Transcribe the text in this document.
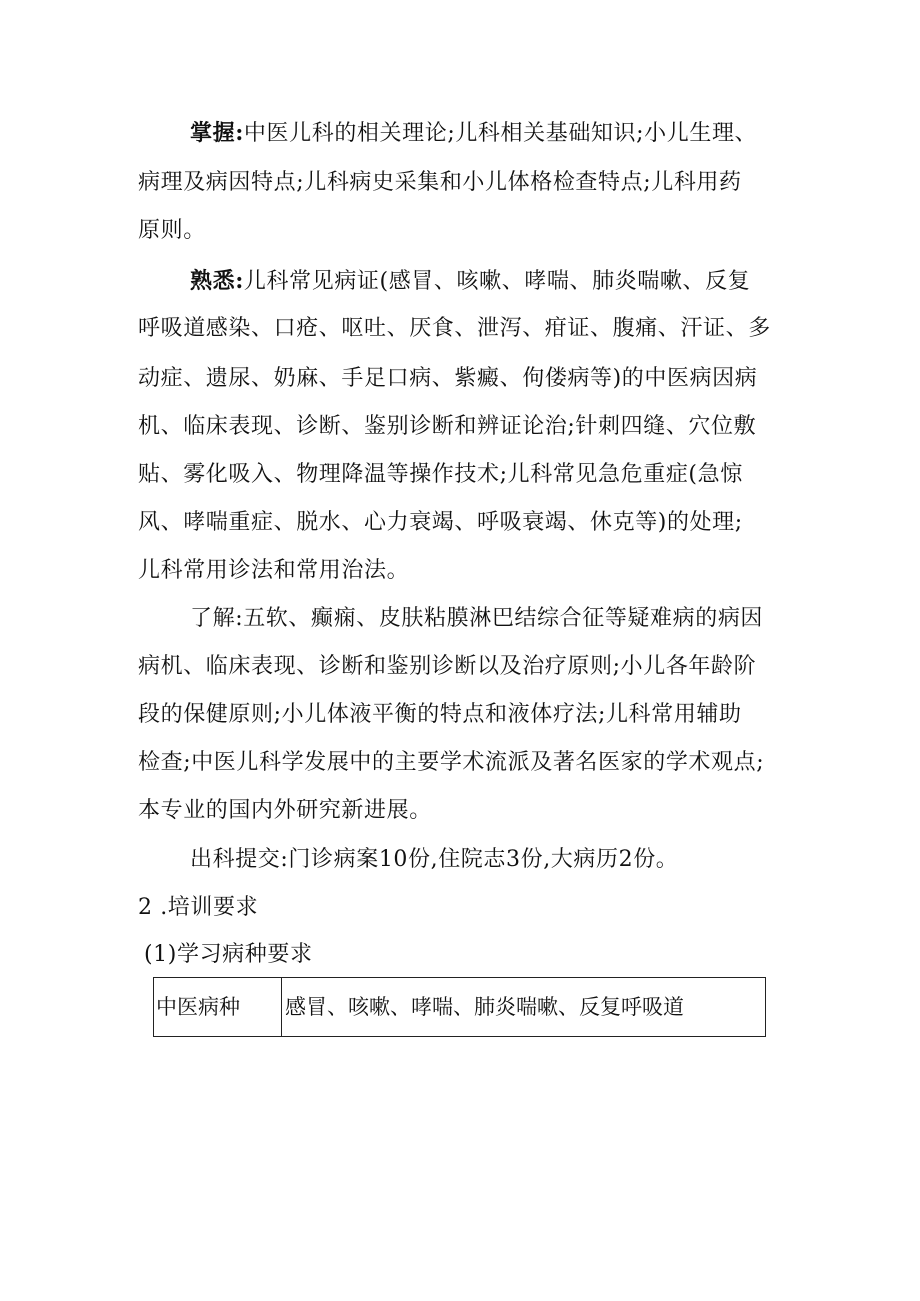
掌握:中医儿科的相关理论;儿科相关基础知识;小儿生理、
病理及病因特点;儿科病史采集和小儿体格检查特点;儿科用药
原则。
熟悉:儿科常见病证(感冒、咳嗽、哮喘、肺炎喘嗽、反复
呼吸道感染、口疮、呕吐、厌食、泄泻、疳证、腹痛、汗证、多
动症、遗尿、奶麻、手足口病、紫癜、佝偻病等)的中医病因病
机、临床表现、诊断、鉴别诊断和辨证论治;针刺四缝、穴位敷
贴、雾化吸入、物理降温等操作技术;儿科常见急危重症(急惊
风、哮喘重症、脱水、心力衰竭、呼吸衰竭、休克等)的处理;
儿科常用诊法和常用治法。
了解:五软、癫痫、皮肤粘膜淋巴结综合征等疑难病的病因
病机、临床表现、诊断和鉴别诊断以及治疗原则;小儿各年龄阶
段的保健原则;小儿体液平衡的特点和液体疗法;儿科常用辅助
检查;中医儿科学发展中的主要学术流派及著名医家的学术观点;
本专业的国内外研究新进展。
出科提交:门诊病案10份,住院志3份,大病历2份。
2 .培训要求
(1)学习病种要求
中医病种	感冒、咳嗽、哮喘、肺炎喘嗽、反复呼吸道
